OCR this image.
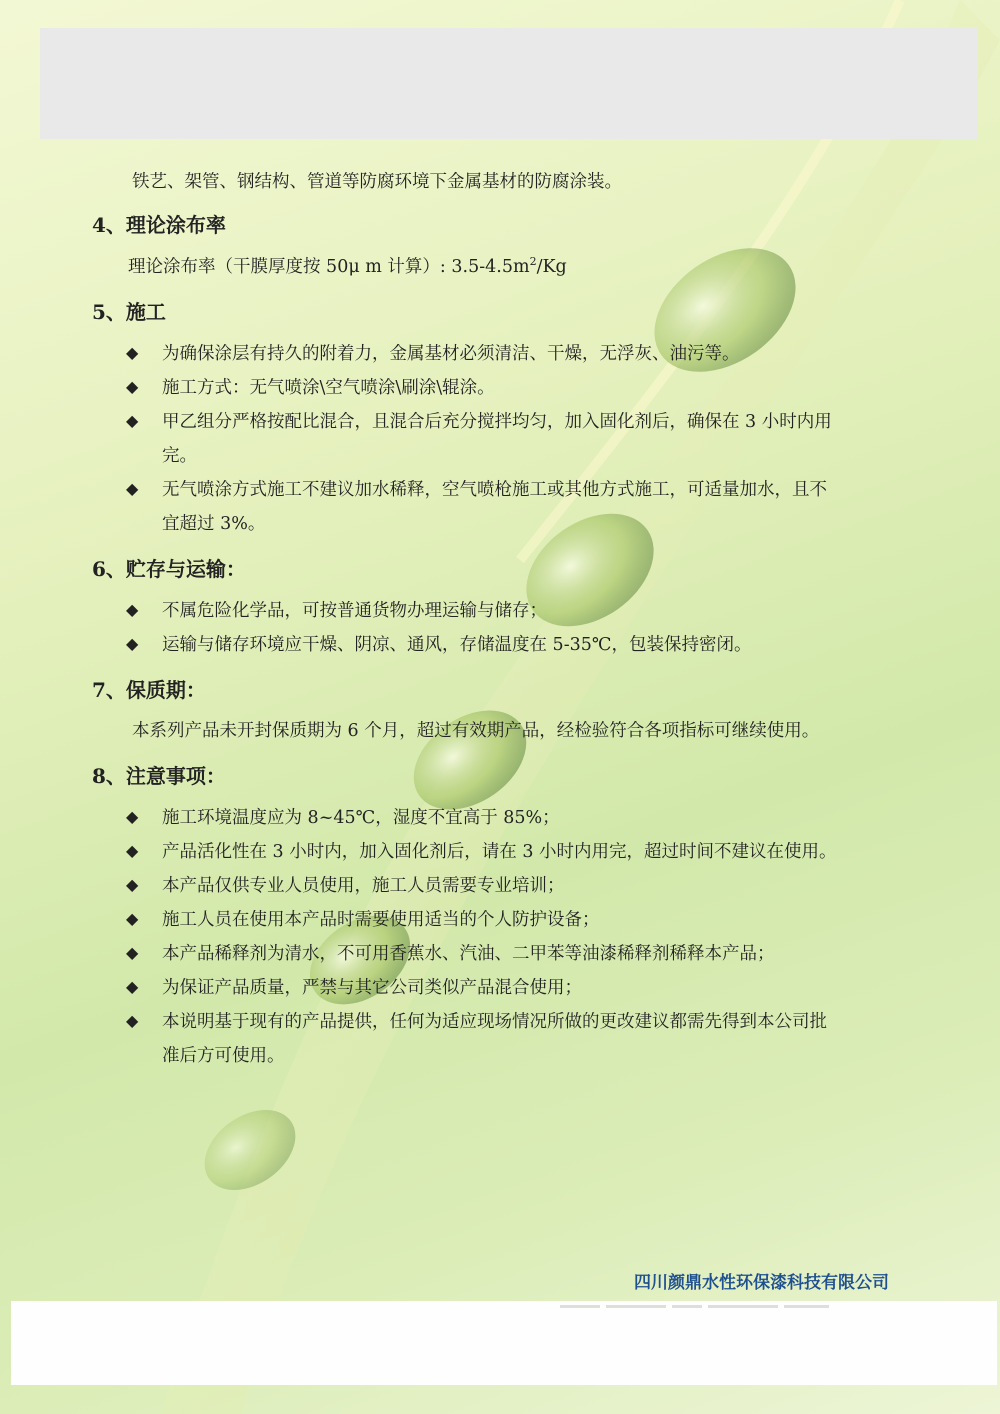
铁艺、架管、钢结构、管道等防腐环境下金属基材的防腐涂装。
4、理论涂布率
理论涂布率（干膜厚度按 50μ m 计算）: $3.5-4.5m^2/Kg$
5、施工
为确保涂层有持久的附着力，金属基材必须清洁、干燥，无浮灰、油污等。
施工方式：无气喷涂\空气喷涂\刷涂\辊涂。
甲乙组分严格按配比混合，且混合后充分搅拌均匀，加入固化剂后，确保在 3 小时内用
完。
无气喷涂方式施工不建议加水稀释，空气喷枪施工或其他方式施工，可适量加水，且不
宜超过 3%。
◆
◆
◆
◆
6、贮存与运输：
不属危险化学品，可按普通货物办理运输与储存；
运输与储存环境应干燥、阴凉、通风，存储温度在 5-35℃，包装保持密闭。
◆
◆
7、保质期：
本系列产品未开封保质期为 6 个月，超过有效期产品，经检验符合各项指标可继续使用。
8、注意事项：
施工环境温度应为 8~45℃，湿度不宜高于 85%；
产品活化性在 3 小时内，加入固化剂后，请在 3 小时内用完，超过时间不建议在使用。
本产品仅供专业人员使用，施工人员需要专业培训；
施工人员在使用本产品时需要使用适当的个人防护设备；
本产品稀释剂为清水，不可用香蕉水、汽油、二甲苯等油漆稀释剂稀释本产品；
为保证产品质量，严禁与其它公司类似产品混合使用；
本说明基于现有的产品提供，任何为适应现场情况所做的更改建议都需先得到本公司批
准后方可使用。
◆
◆
◆
◆
◆
◆
◆
四川颜鼎水性环保漆科技有限公司
